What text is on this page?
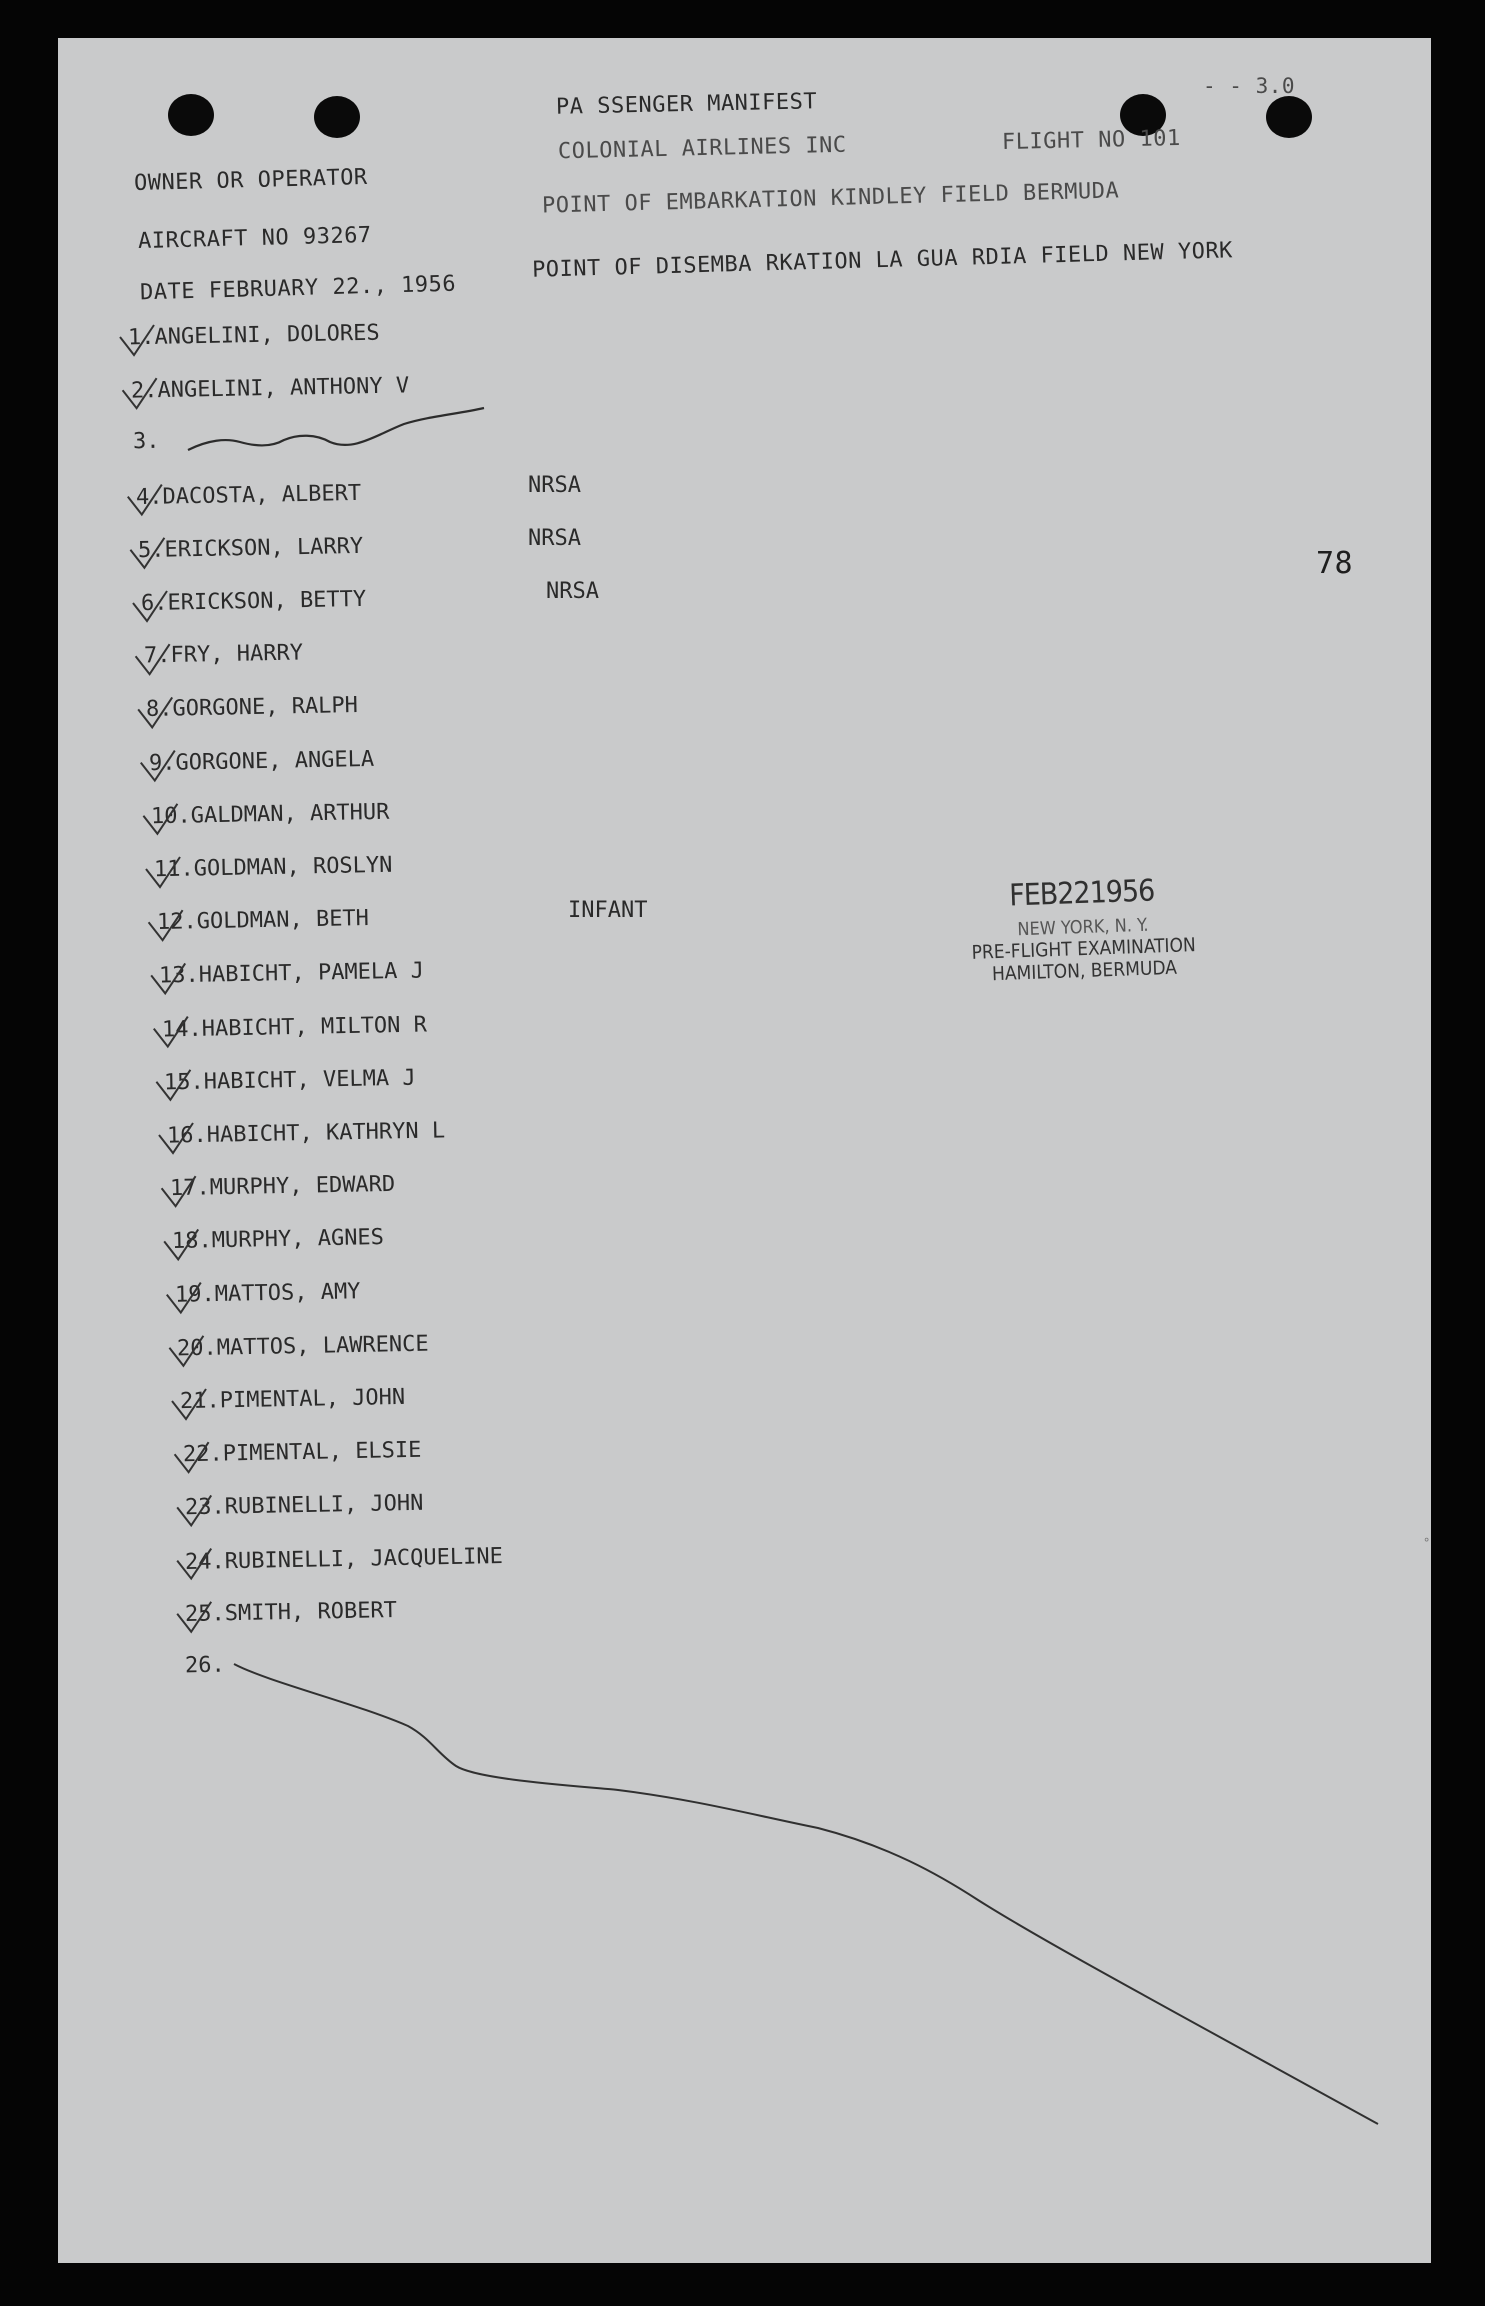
PA SSENGER MANIFEST
- - 3.0
COLONIAL AIRLINES INC	FLIGHT NO 101
OWNER OR OPERATOR	POINT OF EMBARKATION KINDLEY FIELD BERMUDA
AIRCRAFT NO 93267	POINT OF DISEMBA RKATION LA GUA RDIA FIELD NEW YORK
DATE FEBRUARY 22., 1956
78
1.ANGELINI, DOLORES
2.ANGELINI, ANTHONY V
3.
4.DACOSTA, ALBERT	NRSA
5.ERICKSON, LARRY	NRSA
6.ERICKSON, BETTY	NRSA
7.FRY, HARRY
8.GORGONE, RALPH
9.GORGONE, ANGELA
10.GALDMAN, ARTHUR
11.GOLDMAN, ROSLYN
12.GOLDMAN, BETH	INFANT
13.HABICHT, PAMELA J
14.HABICHT, MILTON R
15.HABICHT, VELMA J
16.HABICHT, KATHRYN L
17.MURPHY, EDWARD
18.MURPHY, AGNES
19.MATTOS, AMY
20.MATTOS, LAWRENCE
21.PIMENTAL, JOHN
22.PIMENTAL, ELSIE
23.RUBINELLI, JOHN
24.RUBINELLI, JACQUELINE
25.SMITH, ROBERT
26.
FEB221956
NEW YORK, N. Y.
PRE-FLIGHT EXAMINATION
HAMILTON, BERMUDA

°
